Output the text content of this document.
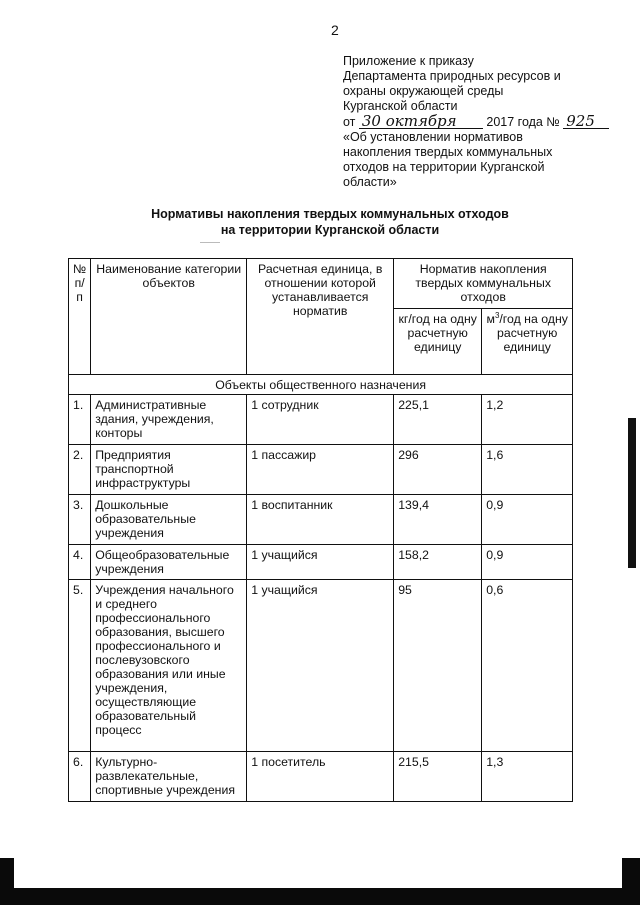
2
Приложение к приказу
Департамента природных ресурсов и
охраны окружающей среды
Курганской области
от 30 октября 2017 года № 925
«Об установлении нормативов
накопления твердых коммунальных
отходов на территории Курганской
области»
Нормативы накопления твердых коммунальных отходов
на территории Курганской области
№ п/п	Наименование категории объектов	Расчетная единица, в отношении которой устанавливается норматив	Норматив накопления твердых коммунальных отходов	
			кг/год на одну расчетную единицу	$м^3$/год на одну расчетную единицу
Объекты общественного назначения				
1.	Административные здания, учреждения, конторы	1 сотрудник	225,1	1,2
2.	Предприятия транспортной инфраструктуры	1 пассажир	296	1,6
3.	Дошкольные образовательные учреждения	1 воспитанник	139,4	0,9
4.	Общеобразовательные учреждения	1 учащийся	158,2	0,9
5.	Учреждения начального и среднего профессионального образования, высшего профессионального и послевузовского образования или иные учреждения, осуществляющие образовательный процесс	1 учащийся	95	0,6
6.	Культурно-развлекательные, спортивные учреждения	1 посетитель	215,5	1,3
